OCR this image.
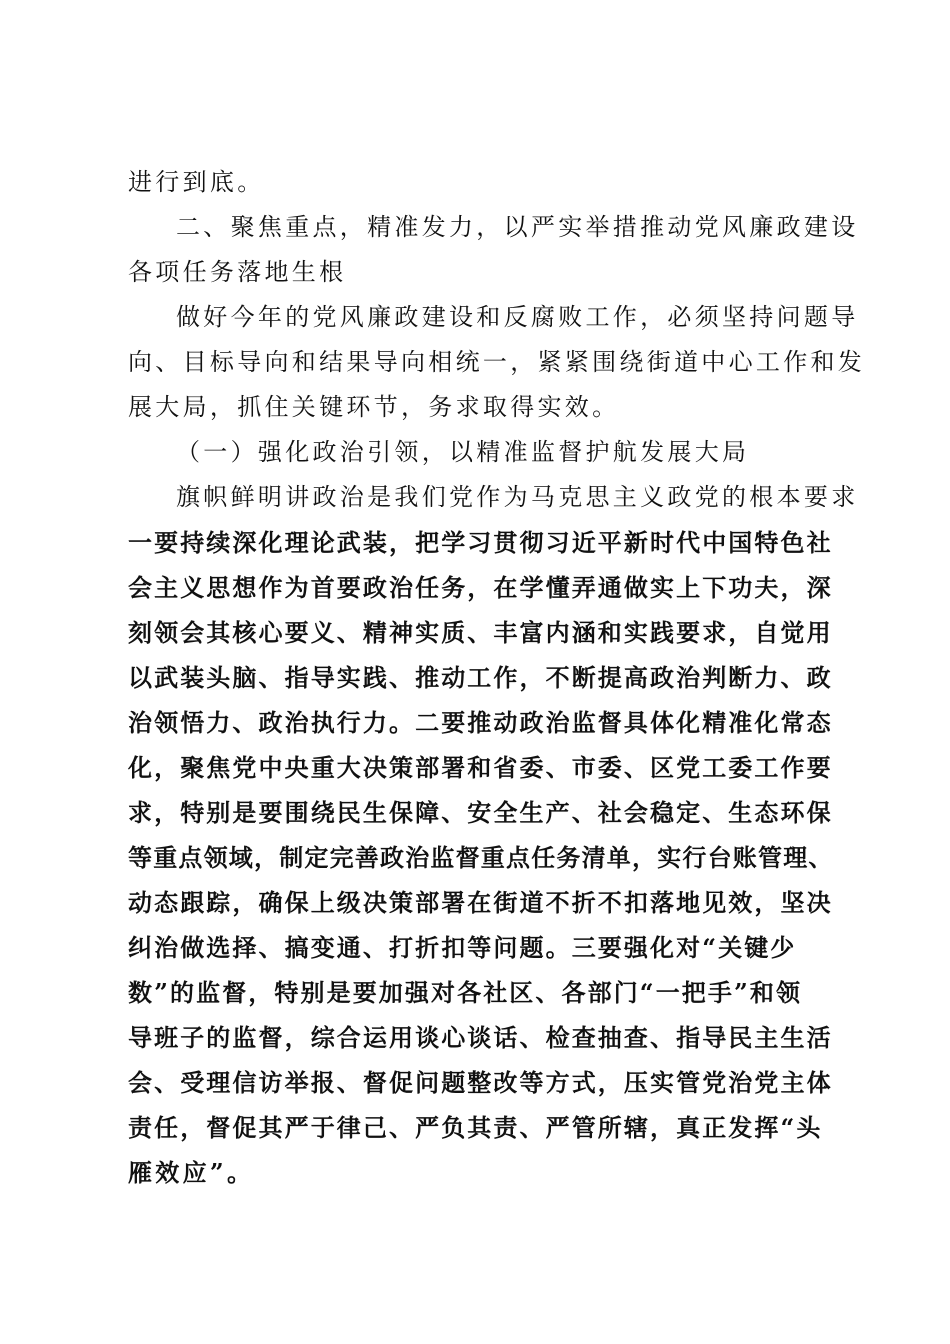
进行到底。
二、聚焦重点，精准发力，以严实举措推动党风廉政建设
各项任务落地生根
做好今年的党风廉政建设和反腐败工作，必须坚持问题导
向、目标导向和结果导向相统一，紧紧围绕街道中心工作和发
展大局，抓住关键环节，务求取得实效。
（一）强化政治引领，以精准监督护航发展大局
旗帜鲜明讲政治是我们党作为马克思主义政党的根本要求
一要持续深化理论武装，把学习贯彻习近平新时代中国特色社
会主义思想作为首要政治任务，在学懂弄通做实上下功夫，深
刻领会其核心要义、精神实质、丰富内涵和实践要求，自觉用
以武装头脑、指导实践、推动工作，不断提高政治判断力、政
治领悟力、政治执行力。二要推动政治监督具体化精准化常态
化，聚焦党中央重大决策部署和省委、市委、区党工委工作要
求，特别是要围绕民生保障、安全生产、社会稳定、生态环保
等重点领域，制定完善政治监督重点任务清单，实行台账管理、
动态跟踪，确保上级决策部署在街道不折不扣落地见效，坚决
纠治做选择、搞变通、打折扣等问题。三要强化对“关键少
数”的监督，特别是要加强对各社区、各部门“一把手”和领
导班子的监督，综合运用谈心谈话、检查抽查、指导民主生活
会、受理信访举报、督促问题整改等方式，压实管党治党主体
责任，督促其严于律己、严负其责、严管所辖，真正发挥“头
雁效应”。
